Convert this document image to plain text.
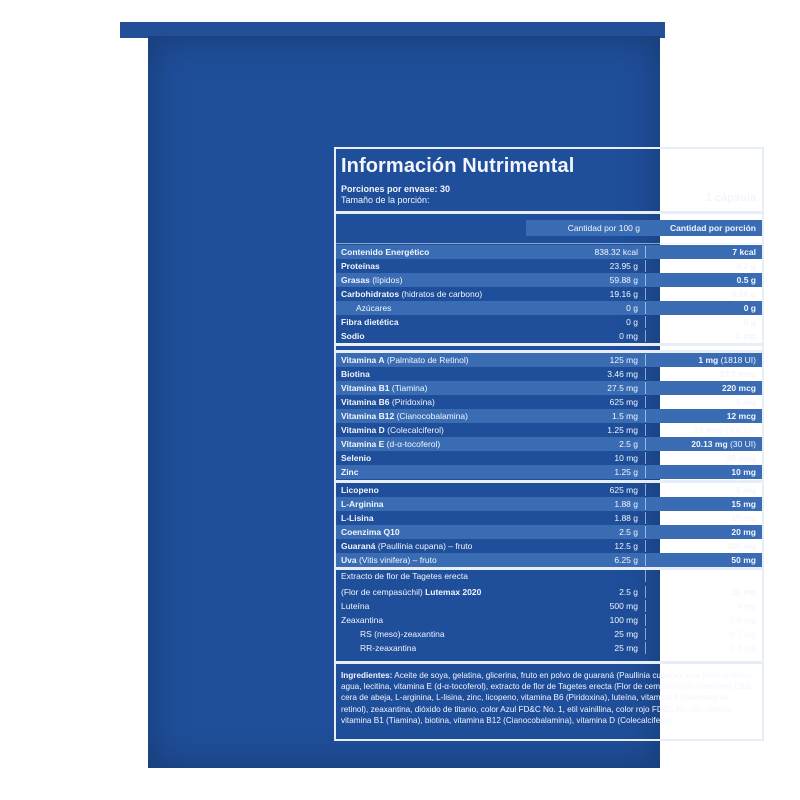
Información Nutrimental
Porciones por envase: 30
Tamaño de la porción:	1 cápsula
Cantidad por 100 g	Cantidad por porción
Contenido Energético	838.32 kcal	7 kcal
Proteínas	23.95 g	0.2 g
Grasas (lípidos)	59.88 g	0.5 g
Carbohidratos (hidratos de carbono)	19.16 g	0.16 g
Azúcares	0 g	0 g
Fibra dietética	0 g	0 g
Sodio	0 mg	0 mg
Vitamina A (Palmitato de Retinol)	125 mg	1 mg (1818 UI)
Biotina	3.46 mg	27.7 mcg
Vitamina B1 (Tiamina)	27.5 mg	220 mcg
Vitamina B6 (Piridoxina)	625 mg	5 mg
Vitamina B12 (Cianocobalamina)	1.5 mg	12 mcg
Vitamina D (Colecalciferol)	1.25 mg	10 mcg (400 UI)
Vitamina E (d-α-tocoferol)	2.5 g	20.13 mg (30 UI)
Selenio	10 mg	80 mcg
Zinc	1.25 g	10 mg
Licopeno	625 mg	5 mg
L-Arginina	1.88 g	15 mg
L-Lisina	1.88 g	15 mg
Coenzima Q10	2.5 g	20 mg
Guaraná (Paullinia cupana) – fruto	12.5 g	100 mg
Uva (Vitis vinifera) – fruto	6.25 g	50 mg
Extracto de flor de Tagetes erecta
(Flor de cempasúchil) Lutemax 2020	2.5 g	20 mg
Luteína	500 mg	4 mg
Zeaxantina	100 mg	0.8 mg
RS (meso)-zeaxantina	25 mg	0.2 mg
RR-zeaxantina	25 mg	0.2 mg
Ingredientes: Aceite de soya, gelatina, glicerina, fruto en polvo de guaraná (Paullinia cupana), uva (Vitis vinifera), agua, lecitina, vitamina E (d-α-tocoferol), extracto de flor de Tagetes erecta (Flor de cempasúchil), coenzima Q10, cera de abeja, L-arginina, L-lisina, zinc, licopeno, vitamina B6 (Piridoxina), luteína, vitamina A (Palmitato de retinol), zeaxantina, dióxido de titanio, color Azul FD&C No. 1, etil vainillina, color rojo FD&C No. 40, selenio, vitamina B1 (Tiamina), biotina, vitamina B12 (Cianocobalamina), vitamina D (Colecalciferol).
